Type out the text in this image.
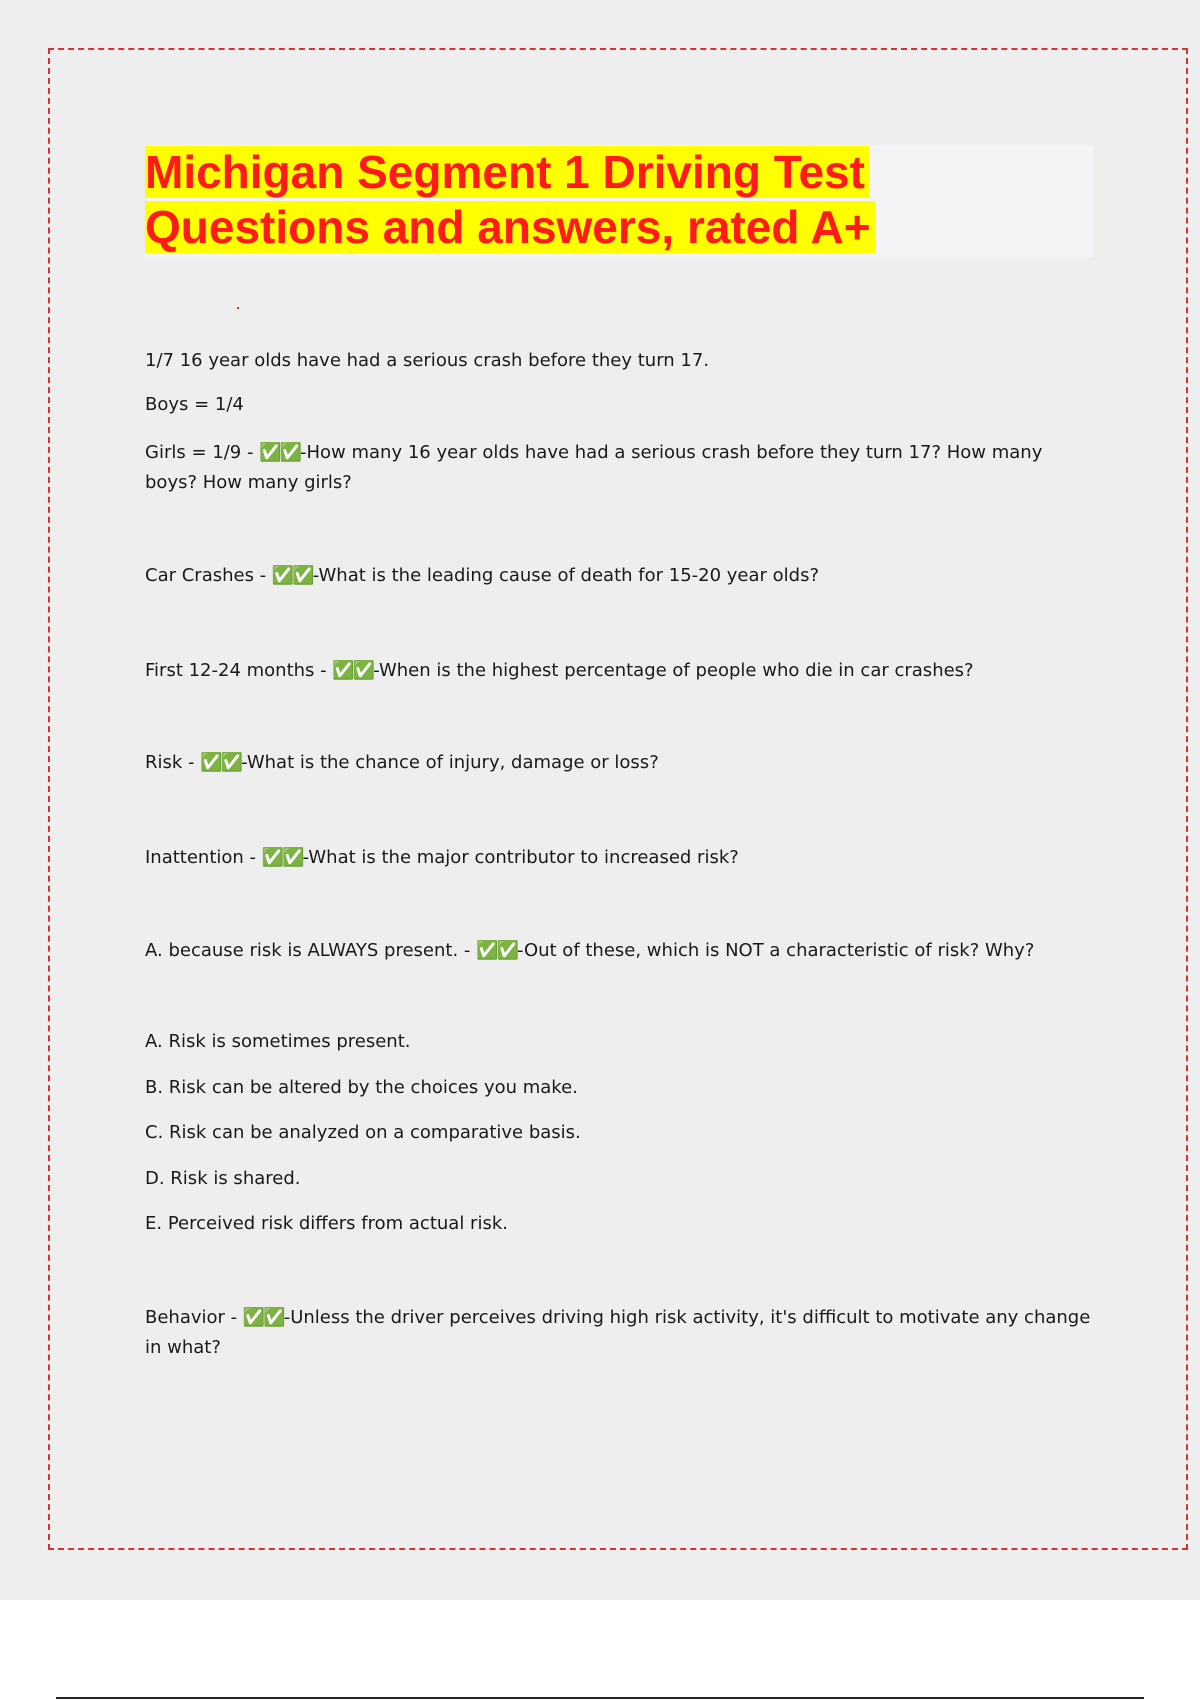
Michigan Segment 1 Driving Test
Questions and answers, rated A+

1/7 16 year olds have had a serious crash before they turn 17.

Boys = 1/4

Girls = 1/9 - ✅✅-How many 16 year olds have had a serious crash before they turn 17? How many boys? How many girls?

Car Crashes - ✅✅-What is the leading cause of death for 15-20 year olds?

First 12-24 months - ✅✅-When is the highest percentage of people who die in car crashes?

Risk - ✅✅-What is the chance of injury, damage or loss?

Inattention - ✅✅-What is the major contributor to increased risk?

A. because risk is ALWAYS present. - ✅✅-Out of these, which is NOT a characteristic of risk? Why?

A. Risk is sometimes present.

B. Risk can be altered by the choices you make.

C. Risk can be analyzed on a comparative basis.

D. Risk is shared.

E. Perceived risk differs from actual risk.

Behavior - ✅✅-Unless the driver perceives driving high risk activity, it's difficult to motivate any change in what?
